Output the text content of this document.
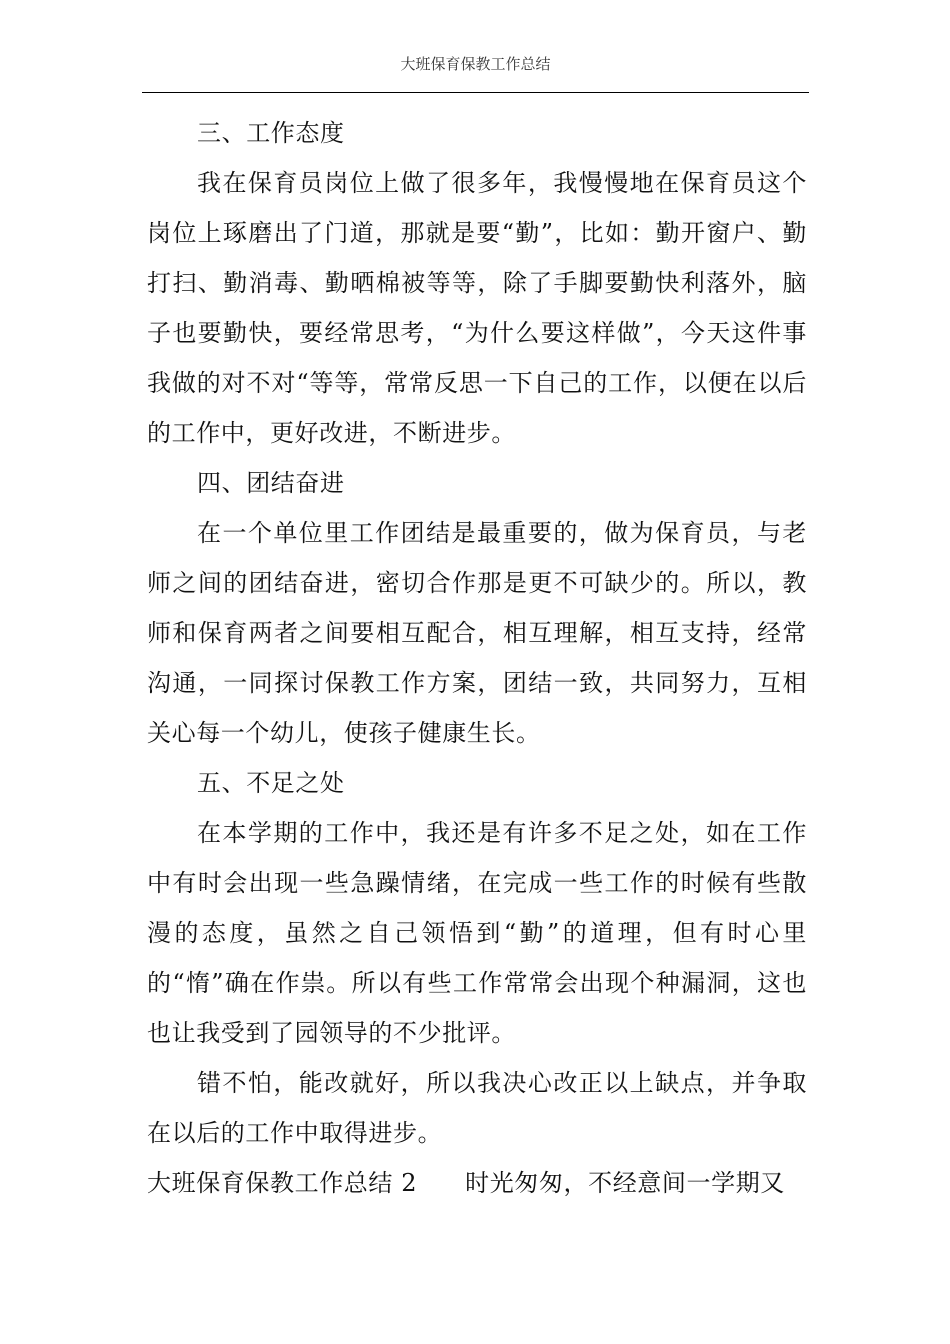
大班保育保教工作总结

三、工作态度

我在保育员岗位上做了很多年，我慢慢地在保育员这个岗位上琢磨出了门道，那就是要“勤”，比如：勤开窗户、勤打扫、勤消毒、勤晒棉被等等，除了手脚要勤快利落外，脑子也要勤快，要经常思考，“为什么要这样做”，今天这件事我做的对不对“等等，常常反思一下自己的工作，以便在以后的工作中，更好改进，不断进步。

四、团结奋进

在一个单位里工作团结是最重要的，做为保育员，与老师之间的团结奋进，密切合作那是更不可缺少的。所以，教师和保育两者之间要相互配合，相互理解，相互支持，经常沟通，一同探讨保教工作方案，团结一致，共同努力，互相关心每一个幼儿，使孩子健康生长。

五、不足之处

在本学期的工作中，我还是有许多不足之处，如在工作中有时会出现一些急躁情绪，在完成一些工作的时候有些散漫的态度，虽然之自己领悟到“勤”的道理，但有时心里的“惰”确在作祟。所以有些工作常常会出现个种漏洞，这也也让我受到了园领导的不少批评。

错不怕，能改就好，所以我决心改正以上缺点，并争取在以后的工作中取得进步。

大班保育保教工作总结 2 时光匆匆，不经意间一学期又
